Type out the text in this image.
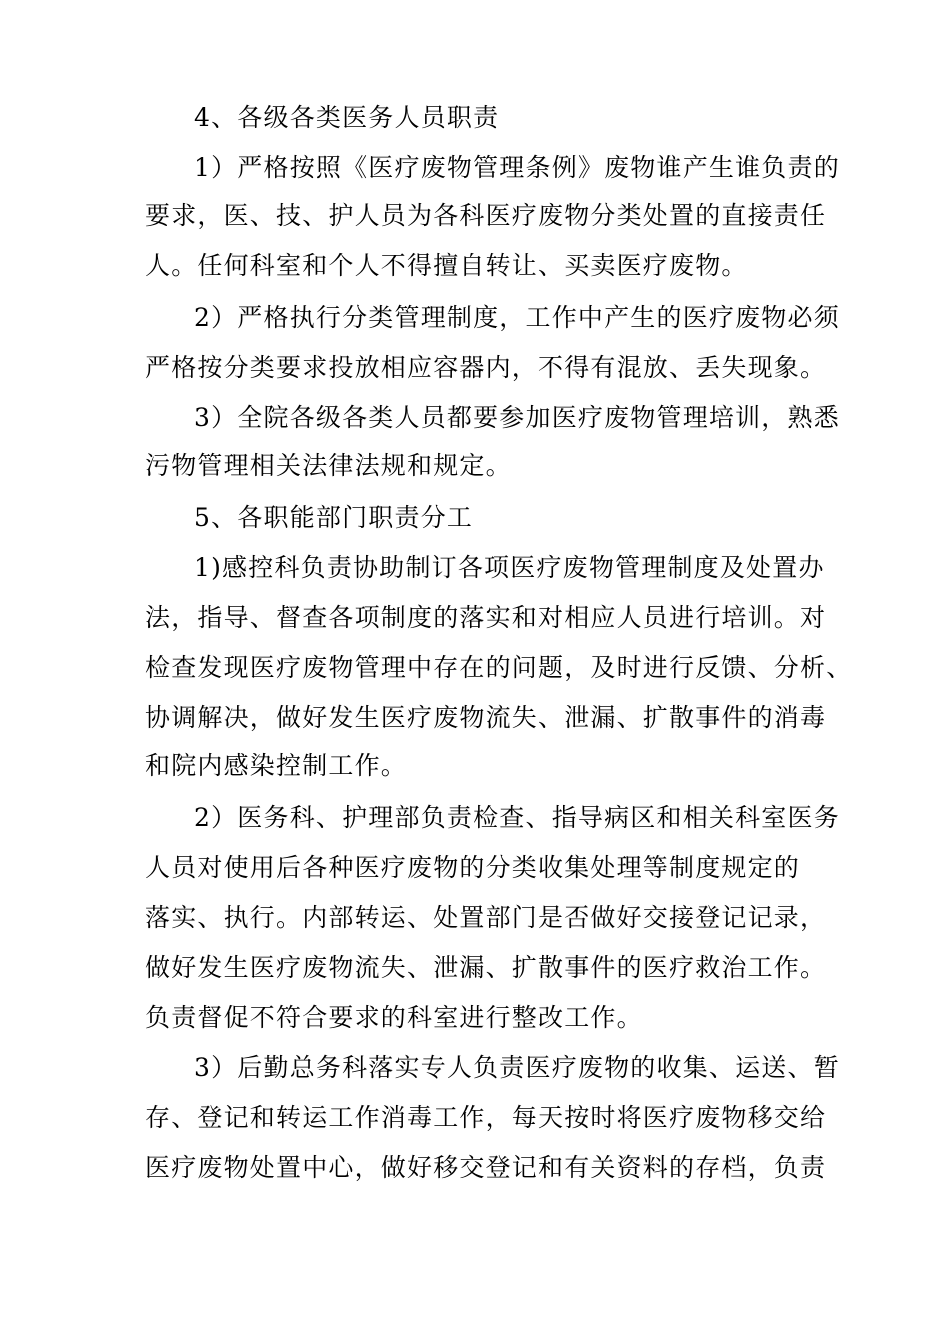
4、各级各类医务人员职责
1）严格按照《医疗废物管理条例》废物谁产生谁负责的
要求，医、技、护人员为各科医疗废物分类处置的直接责任
人。任何科室和个人不得擅自转让、买卖医疗废物。
2）严格执行分类管理制度，工作中产生的医疗废物必须
严格按分类要求投放相应容器内，不得有混放、丢失现象。
3）全院各级各类人员都要参加医疗废物管理培训，熟悉
污物管理相关法律法规和规定。
5、各职能部门职责分工
1)感控科负责协助制订各项医疗废物管理制度及处置办
法，指导、督查各项制度的落实和对相应人员进行培训。对
检查发现医疗废物管理中存在的问题，及时进行反馈、分析、
协调解决，做好发生医疗废物流失、泄漏、扩散事件的消毒
和院内感染控制工作。
2）医务科、护理部负责检查、指导病区和相关科室医务
人员对使用后各种医疗废物的分类收集处理等制度规定的
落实、执行。内部转运、处置部门是否做好交接登记记录，
做好发生医疗废物流失、泄漏、扩散事件的医疗救治工作。
负责督促不符合要求的科室进行整改工作。
3）后勤总务科落实专人负责医疗废物的收集、运送、暂
存、登记和转运工作消毒工作，每天按时将医疗废物移交给
医疗废物处置中心，做好移交登记和有关资料的存档，负责
